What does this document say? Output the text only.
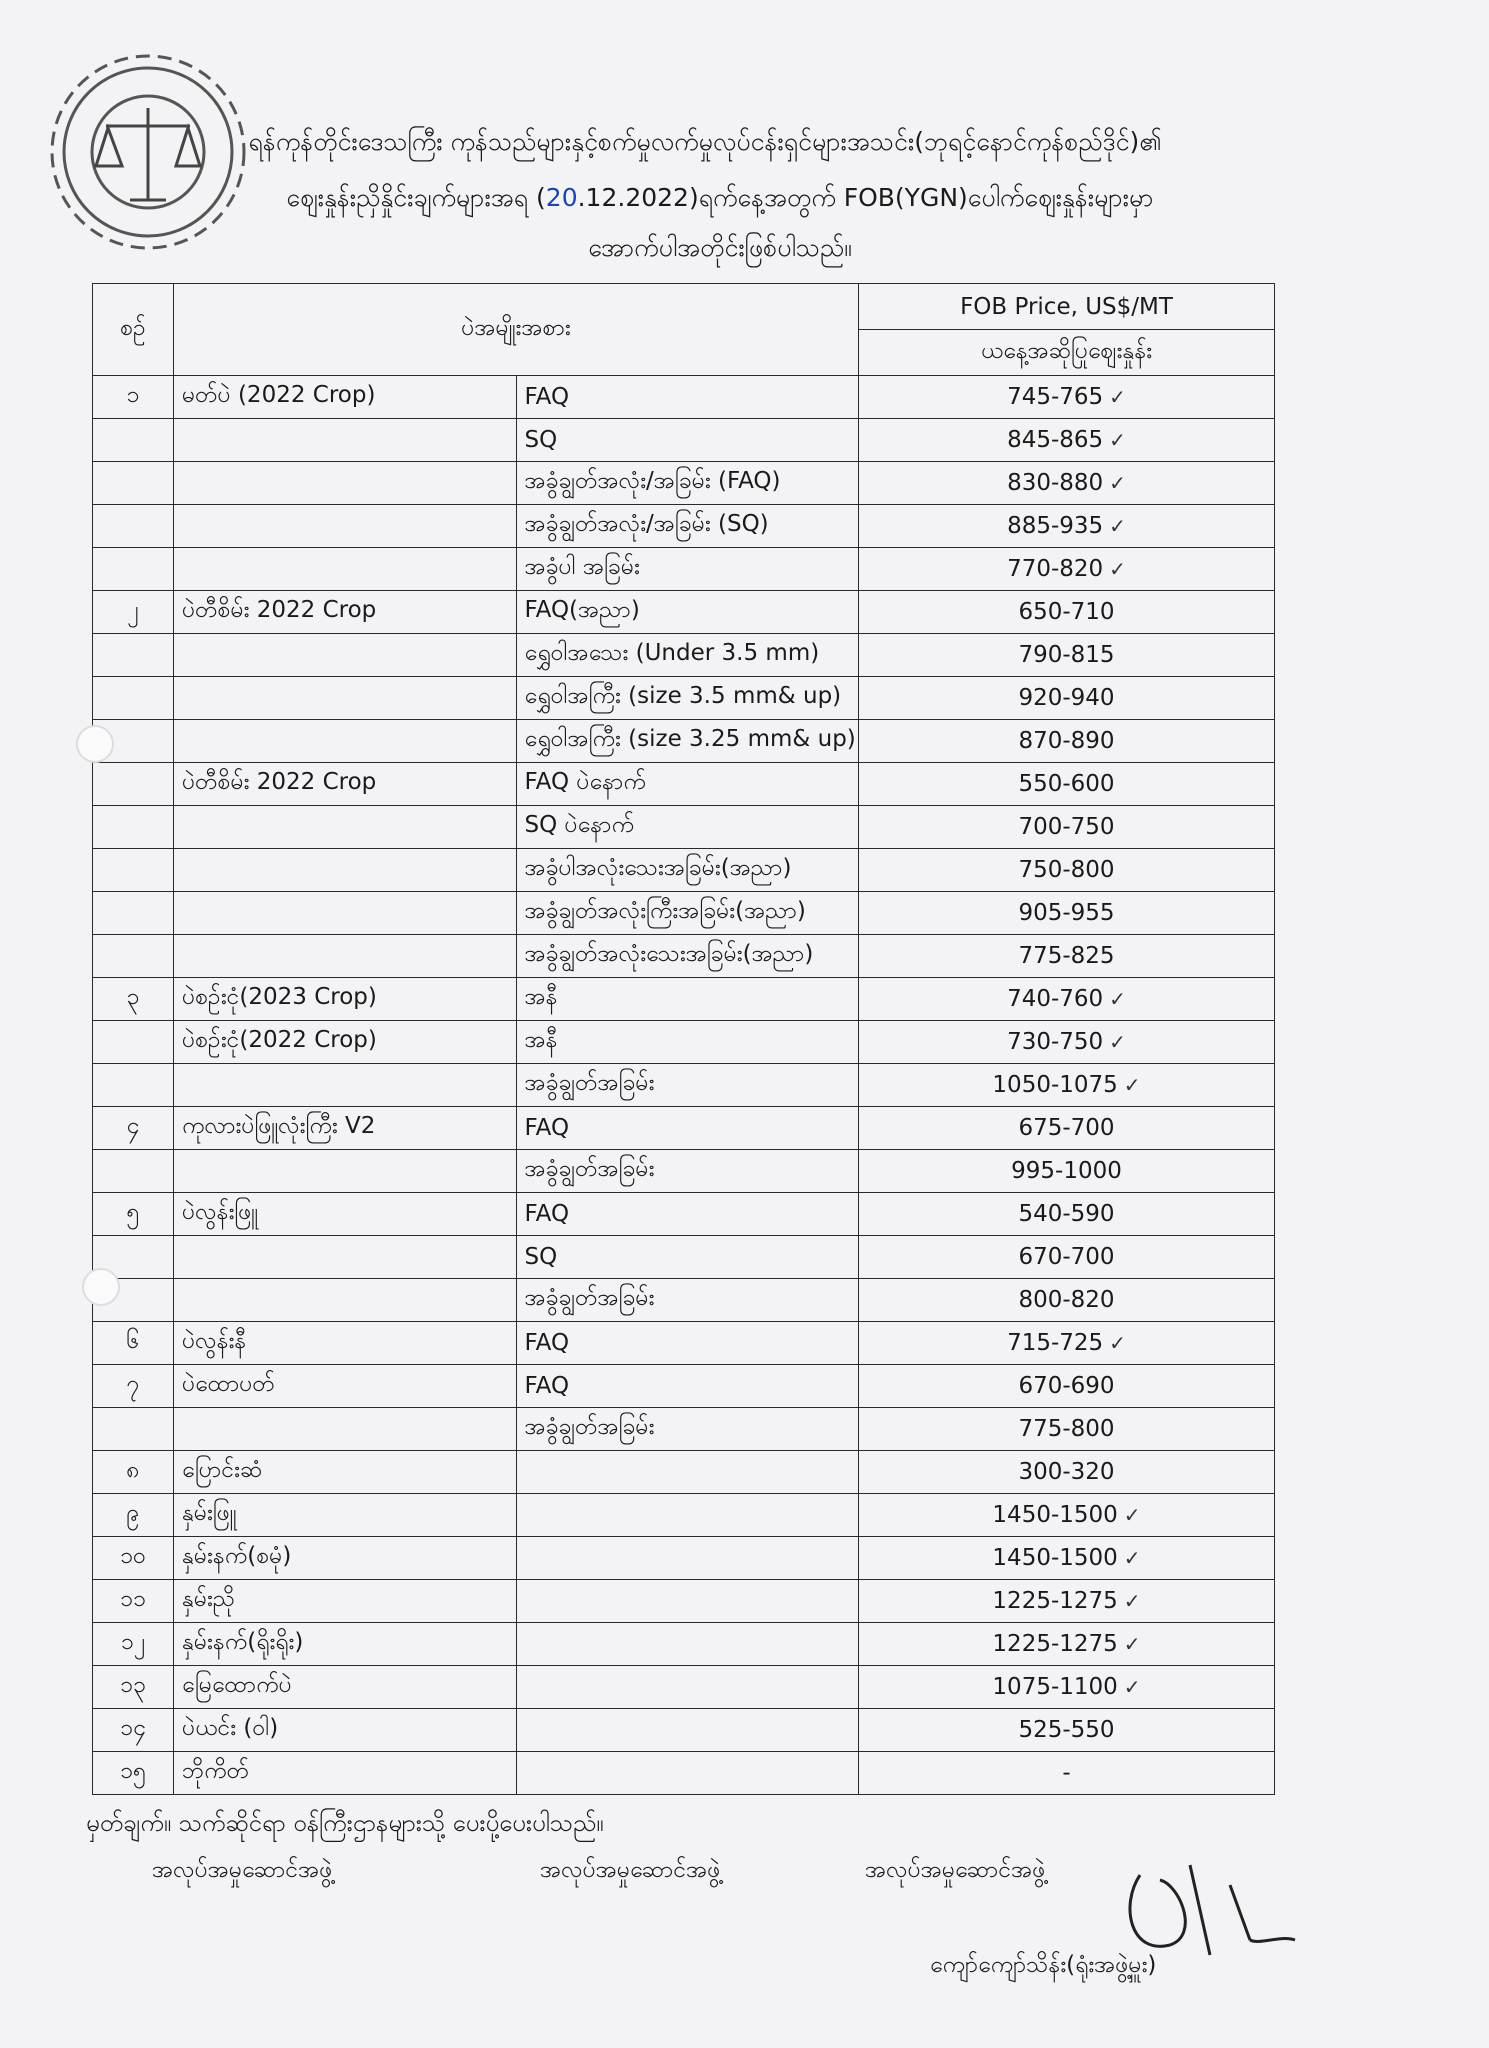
ရန်ကုန်တိုင်းဒေသကြီး ကုန်သည်များနှင့်စက်မှုလက်မှုလုပ်ငန်းရှင်များအသင်း(ဘုရင့်နောင်ကုန်စည်ဒိုင်)၏
ဈေးနှုန်းညှိနှိုင်းချက်များအရ (20.12.2022)ရက်နေ့အတွက် FOB(YGN)ပေါက်ဈေးနှုန်းများမှာ
အောက်ပါအတိုင်းဖြစ်ပါသည်။
စဉ်	ပဲအမျိုးအစား		FOB Price, US$/MT
			ယနေ့အဆိုပြုဈေးနှုန်း
၁	မတ်ပဲ (2022 Crop)	FAQ	745-765 ✓
		SQ	845-865 ✓
		အခွံချွတ်အလုံး/အခြမ်း (FAQ)	830-880 ✓
		အခွံချွတ်အလုံး/အခြမ်း (SQ)	885-935 ✓
		အခွံပါ အခြမ်း	770-820 ✓
၂	ပဲတီစိမ်း 2022 Crop	FAQ(အညာ)	650-710
		ရွှေဝါအသေး (Under 3.5 mm)	790-815
		ရွှေဝါအကြီး (size 3.5 mm& up)	920-940
		ရွှေဝါအကြီး (size 3.25 mm& up)	870-890
	ပဲတီစိမ်း 2022 Crop	FAQ ပဲနောက်	550-600
		SQ ပဲနောက်	700-750
		အခွံပါအလုံးသေးအခြမ်း(အညာ)	750-800
		အခွံချွတ်အလုံးကြီးအခြမ်း(အညာ)	905-955
		အခွံချွတ်အလုံးသေးအခြမ်း(အညာ)	775-825
၃	ပဲစဉ်းငုံ(2023 Crop)	အနီ	740-760 ✓
	ပဲစဉ်းငုံ(2022 Crop)	အနီ	730-750 ✓
		အခွံချွတ်အခြမ်း	1050-1075 ✓
၄	ကုလားပဲဖြူလုံးကြီး V2	FAQ	675-700
		အခွံချွတ်အခြမ်း	995-1000
၅	ပဲလွန်းဖြူ	FAQ	540-590
		SQ	670-700
		အခွံချွတ်အခြမ်း	800-820
၆	ပဲလွန်းနီ	FAQ	715-725 ✓
၇	ပဲထောပတ်	FAQ	670-690
		အခွံချွတ်အခြမ်း	775-800
၈	ပြောင်းဆံ		300-320
၉	နှမ်းဖြူ		1450-1500 ✓
၁၀	နှမ်းနက်(စမုံ)		1450-1500 ✓
၁၁	နှမ်းညို		1225-1275 ✓
၁၂	နှမ်းနက်(ရိုးရိုး)		1225-1275 ✓
၁၃	မြေထောက်ပဲ		1075-1100 ✓
၁၄	ပဲယင်း (ဝါ)		525-550
၁၅	ဘိုကိတ်		-
မှတ်ချက်။ သက်ဆိုင်ရာ ဝန်ကြီးဌာနများသို့ ပေးပို့ပေးပါသည်။
အလုပ်အမှုဆောင်အဖွဲ့	အလုပ်အမှုဆောင်အဖွဲ့	အလုပ်အမှုဆောင်အဖွဲ့
ကျော်ကျော်သိန်း(ရုံးအဖွဲ့မှူး)
